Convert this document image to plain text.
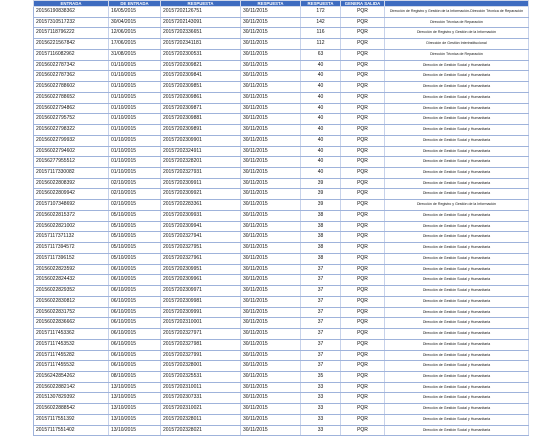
ENTRADA	DE ENTRADA	RESPUESTA	RESPUESTA	RESPUESTA	GENERA SALIDA	
20156190838362	16/05/2015	20157202126751	30/11/2015	172	PQR	Dirección de Registro y Gestión de la Información-Dirección Técnica de Reparación
20157310517232	30/04/2015	20157202143091	30/11/2015	142	PQR	Dirección Técnica de Reparación
20157118796222	12/06/2015	20157202336651	30/11/2015	116	PQR	Dirección de Registro y Gestión de la Información
20156221567842	17/06/2015	20157202341181	30/11/2015	112	PQR	Dirección de Gestión Interinstitucional
20157116082962	31/08/2015	20157202300531	30/11/2015	63	PQR	Dirección Técnica de Reparación
20156022787342	01/10/2015	20157202309821	30/11/2015	40	PQR	Dirección de Gestión Social y Humanitaria
20156022787362	01/10/2015	20157202309841	30/11/2015	40	PQR	Dirección de Gestión Social y Humanitaria
20156022788602	01/10/2015	20157202309851	30/11/2015	40	PQR	Dirección de Gestión Social y Humanitaria
20156022788652	01/10/2015	20157202309861	30/11/2015	40	PQR	Dirección de Gestión Social y Humanitaria
20156022794862	01/10/2015	20157202309871	30/11/2015	40	PQR	Dirección de Gestión Social y Humanitaria
20156022795752	01/10/2015	20157202309881	30/11/2015	40	PQR	Dirección de Gestión Social y Humanitaria
20156022798322	01/10/2015	20157202309891	30/11/2015	40	PQR	Dirección de Gestión Social y Humanitaria
20156022799932	01/10/2015	20157202309901	30/11/2015	40	PQR	Dirección de Gestión Social y Humanitaria
20156022794602	01/10/2015	20157202324911	30/11/2015	40	PQR	Dirección de Gestión Social y Humanitaria
20156277955512	01/10/2015	20157202328201	30/11/2015	40	PQR	Dirección de Gestión Social y Humanitaria
20157117330082	01/10/2015	20157202327931	30/11/2015	40	PQR	Dirección de Gestión Social y Humanitaria
20156022808392	02/10/2015	20157202309911	30/11/2015	39	PQR	Dirección de Gestión Social y Humanitaria
20156022809942	02/10/2015	20157202309921	30/11/2015	39	PQR	Dirección de Gestión Social y Humanitaria
20157107348692	02/10/2015	20157202283361	30/11/2015	39	PQR	Dirección de Registro y Gestión de la Información
20156022815372	05/10/2015	20157202309931	30/11/2015	38	PQR	Dirección de Gestión Social y Humanitaria
20156022821002	05/10/2015	20157202309941	30/11/2015	38	PQR	Dirección de Gestión Social y Humanitaria
20157117371132	05/10/2015	20157202327941	30/11/2015	38	PQR	Dirección de Gestión Social y Humanitaria
20157117394572	05/10/2015	20157202327951	30/11/2015	38	PQR	Dirección de Gestión Social y Humanitaria
20157117396152	05/10/2015	20157202327961	30/11/2015	38	PQR	Dirección de Gestión Social y Humanitaria
20156022823592	06/10/2015	20157202309951	30/11/2015	37	PQR	Dirección de Gestión Social y Humanitaria
20156022824432	06/10/2015	20157202309961	30/11/2015	37	PQR	Dirección de Gestión Social y Humanitaria
20156022829352	06/10/2015	20157202309971	30/11/2015	37	PQR	Dirección de Gestión Social y Humanitaria
20156022830812	06/10/2015	20157202309981	30/11/2015	37	PQR	Dirección de Gestión Social y Humanitaria
20156022831752	06/10/2015	20157202309991	30/11/2015	37	PQR	Dirección de Gestión Social y Humanitaria
20156022836662	06/10/2015	20157202310001	30/11/2015	37	PQR	Dirección de Gestión Social y Humanitaria
20157117453362	06/10/2015	20157202327971	30/11/2015	37	PQR	Dirección de Gestión Social y Humanitaria
20157117453532	06/10/2015	20157202327981	30/11/2015	37	PQR	Dirección de Gestión Social y Humanitaria
20157117455282	06/10/2015	20157202327991	30/11/2015	37	PQR	Dirección de Gestión Social y Humanitaria
20157117455532	06/10/2015	20157202328001	30/11/2015	37	PQR	Dirección de Gestión Social y Humanitaria
20156242854262	08/10/2015	20157202325531	30/11/2015	35	PQR	Dirección de Gestión Social y Humanitaria
20156022882142	13/10/2015	20157202310011	30/11/2015	33	PQR	Dirección de Gestión Social y Humanitaria
20151307829392	13/10/2015	20157202307331	30/11/2015	33	PQR	Dirección de Gestión Social y Humanitaria
20156022888542	13/10/2015	20157202310021	30/11/2015	33	PQR	Dirección de Gestión Social y Humanitaria
20157117551392	13/10/2015	20157202328011	30/11/2015	33	PQR	Dirección de Gestión Social y Humanitaria
20157117551402	13/10/2015	20157202328021	30/11/2015	33	PQR	Dirección de Gestión Social y Humanitaria
